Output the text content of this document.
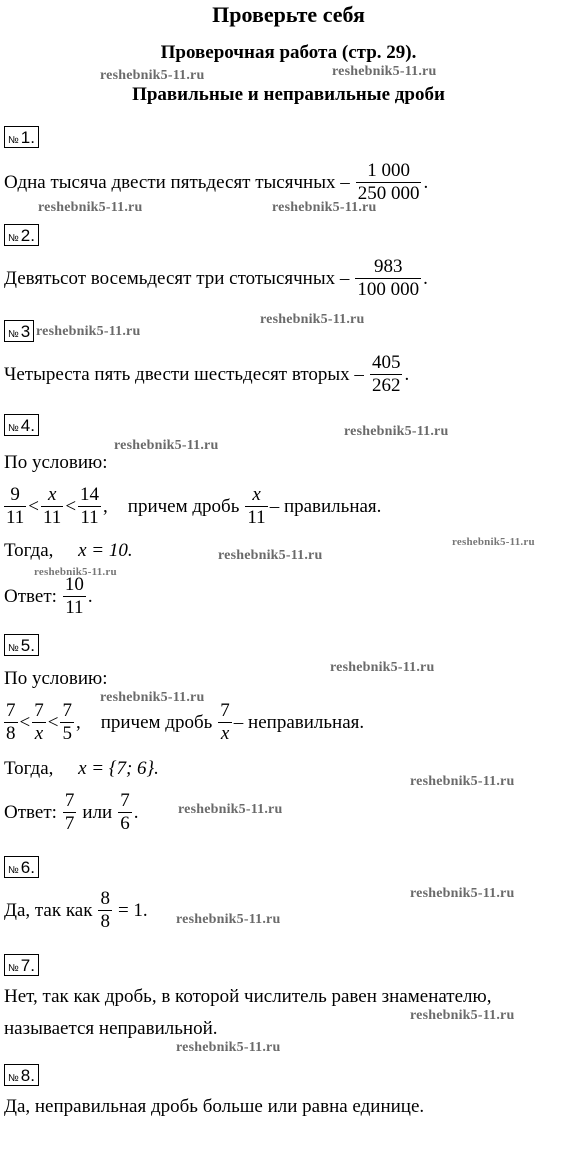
Проверьте себя
Проверочная работа (стр. 29).
Правильные и неправильные дроби
reshebnik5-11.ru	reshebnik5-11.ru
reshebnik5-11.ru	reshebnik5-11.ru
reshebnik5-11.ru
reshebnik5-11.ru
reshebnik5-11.ru
reshebnik5-11.ru
reshebnik5-11.ru
reshebnik5-11.ru
reshebnik5-11.ru
reshebnik5-11.ru
reshebnik5-11.ru
reshebnik5-11.ru
reshebnik5-11.ru
reshebnik5-11.ru
reshebnik5-11.ru
reshebnik5-11.ru
reshebnik5-11.ru
№ 1.
Одна тысяча двести пятьдесят тысячных – $\frac{1 000}{250 000}$ .
№ 2.
Девятьсот восемьдесят три стотысячных – $\frac{983}{100 000}$ .
№ 3
Четыреста пять двести шестьдесят вторых – $\frac{405}{262}$ .
№ 4.
По условию:
$\frac{9}{11} < \frac{x}{11} < \frac{14}{11}$ , причем дробь $\frac{x}{11}$ – правильная.
Тогда, x = 10.
Ответ: $\frac{10}{11}$ .
№ 5.
По условию:
$\frac{7}{8} < \frac{7}{x} < \frac{7}{5}$ , причем дробь $\frac{7}{x}$ – неправильная.
Тогда, x = {7; 6}.
Ответ: $\frac{7}{7}$ или $\frac{7}{6}$ .
№ 6.
Да, так как $\frac{8}{8} = 1$.
№ 7.
Нет, так как дробь, в которой числитель равен знаменателю,
называется неправильной.
№ 8.
Да, неправильная дробь больше или равна единице.
